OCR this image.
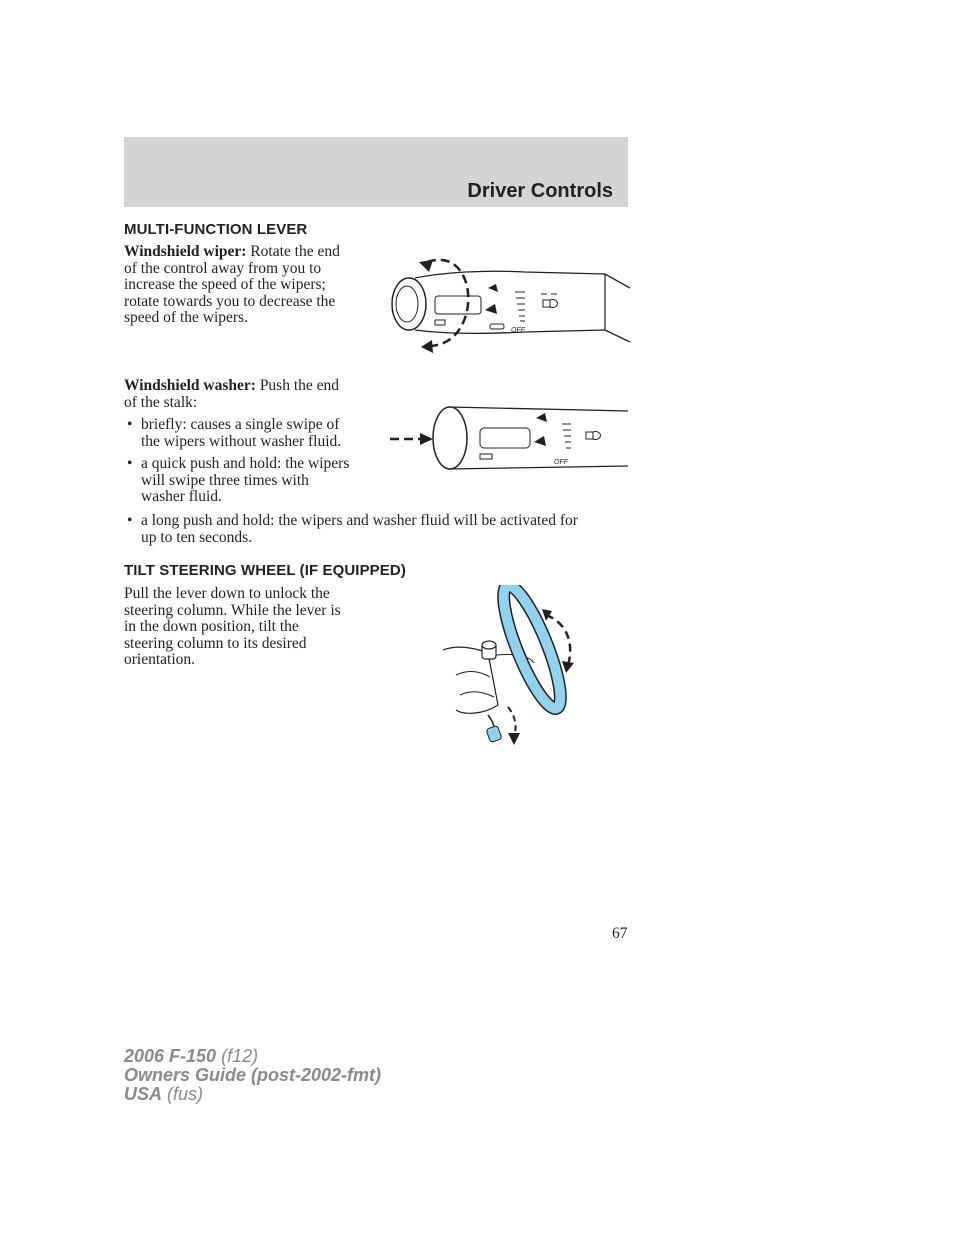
Driver Controls
MULTI-FUNCTION LEVER
Windshield wiper: Rotate the end
of the control away from you to
increase the speed of the wipers;
rotate towards you to decrease the
speed of the wipers.
Windshield washer: Push the end
of the stalk:
• briefly: causes a single swipe of
the wipers without washer fluid.
• a quick push and hold: the wipers
will swipe three times with
washer fluid.
• a long push and hold: the wipers and washer fluid will be activated for
up to ten seconds.
TILT STEERING WHEEL (IF EQUIPPED)
Pull the lever down to unlock the
steering column. While the lever is
in the down position, tilt the
steering column to its desired
orientation.
OFF
OFF
67
2006 F-150 (f12)
Owners Guide (post-2002-fmt)
USA (fus)
